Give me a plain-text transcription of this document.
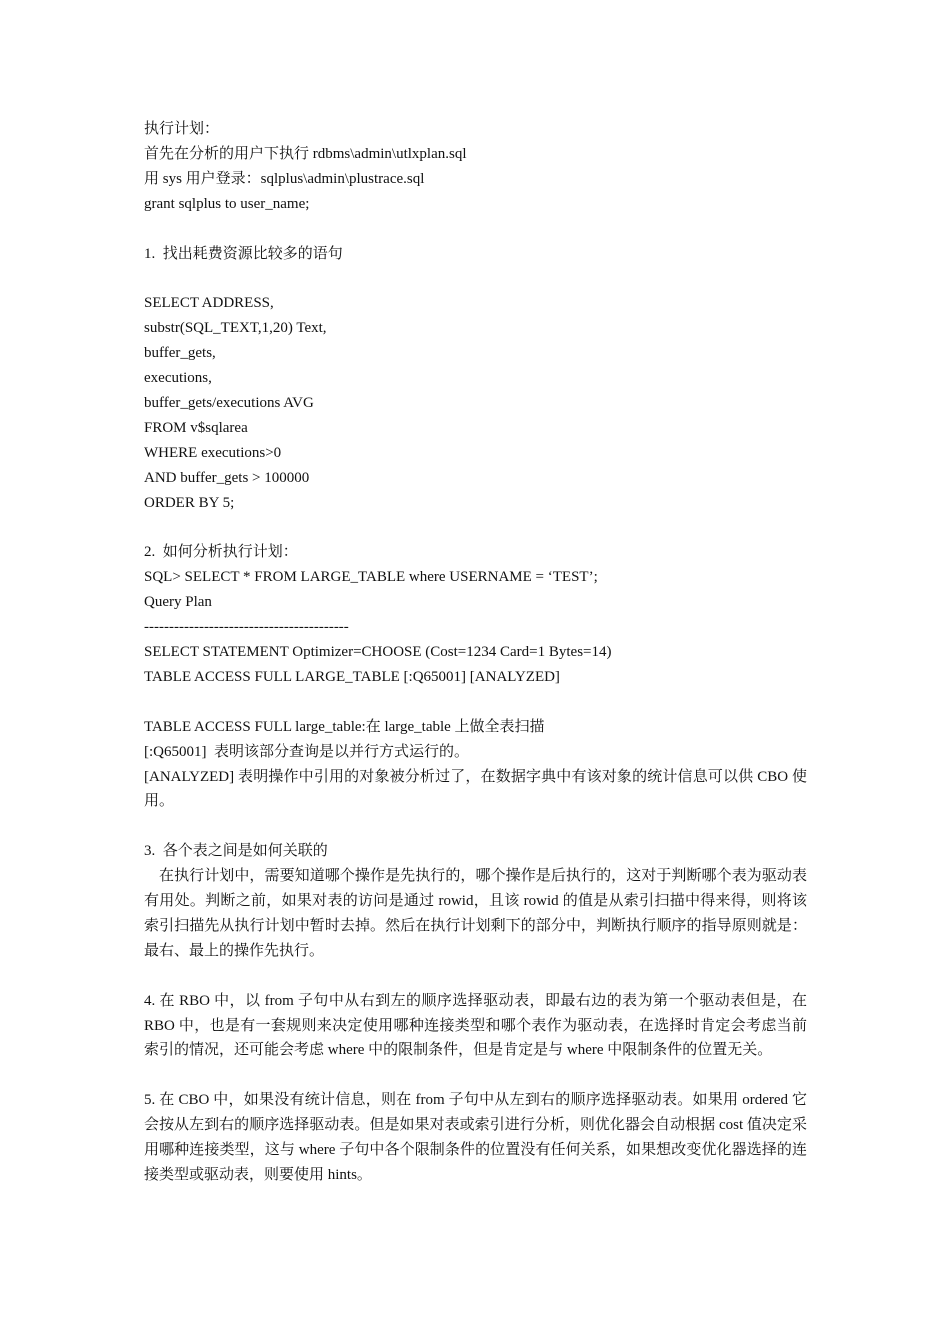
执行计划：
首先在分析的用户下执行 rdbms\admin\utlxplan.sql
用 sys 用户登录：sqlplus\admin\plustrace.sql
grant sqlplus to user_name;
1.  找出耗费资源比较多的语句
SELECT ADDRESS,
substr(SQL_TEXT,1,20) Text,
buffer_gets,
executions,
buffer_gets/executions AVG
FROM v$sqlarea
WHERE executions>0
AND buffer_gets > 100000
ORDER BY 5;
2.  如何分析执行计划：
SQL> SELECT * FROM LARGE_TABLE where USERNAME = ‘TEST’;
Query Plan
-----------------------------------------
SELECT STATEMENT Optimizer=CHOOSE (Cost=1234 Card=1 Bytes=14)
TABLE ACCESS FULL LARGE_TABLE [:Q65001] [ANALYZED]
TABLE ACCESS FULL large_table:在 large_table 上做全表扫描
[:Q65001]  表明该部分查询是以并行方式运行的。
[ANALYZED] 表明操作中引用的对象被分析过了，在数据字典中有该对象的统计信息可以供 CBO 使用。
3.  各个表之间是如何关联的
在执行计划中，需要知道哪个操作是先执行的，哪个操作是后执行的，这对于判断哪个表为驱动表有用处。判断之前，如果对表的访问是通过 rowid，且该 rowid 的值是从索引扫描中得来得，则将该索引扫描先从执行计划中暂时去掉。然后在执行计划剩下的部分中，判断执行顺序的指导原则就是：最右、最上的操作先执行。
4. 在 RBO 中，以 from 子句中从右到左的顺序选择驱动表，即最右边的表为第一个驱动表但是，在 RBO 中，也是有一套规则来决定使用哪种连接类型和哪个表作为驱动表，在选择时肯定会考虑当前索引的情况，还可能会考虑 where 中的限制条件，但是肯定是与 where 中限制条件的位置无关。
5. 在 CBO 中，如果没有统计信息，则在 from 子句中从左到右的顺序选择驱动表。如果用 ordered 它会按从左到右的顺序选择驱动表。但是如果对表或索引进行分析，则优化器会自动根据 cost 值决定采用哪种连接类型，这与 where 子句中各个限制条件的位置没有任何关系，如果想改变优化器选择的连接类型或驱动表，则要使用 hints。
